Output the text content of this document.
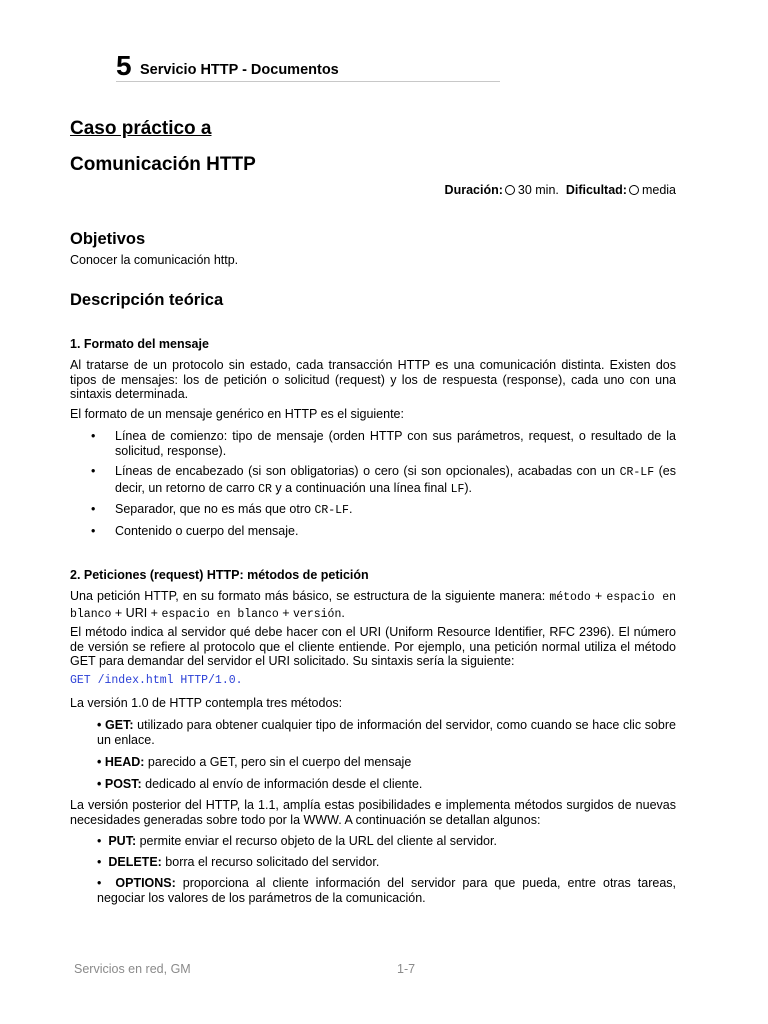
5 Servicio HTTP - Documentos
Caso práctico a
Comunicación HTTP
Duración: 30 min. Dificultad: media
Objetivos
Conocer la comunicación http.
Descripción teórica
1. Formato del mensaje
Al tratarse de un protocolo sin estado, cada transacción HTTP es una comunicación distinta. Existen dos tipos de mensajes: los de petición o solicitud (request) y los de respuesta (response), cada uno con una sintaxis determinada.
El formato de un mensaje genérico en HTTP es el siguiente:
• Línea de comienzo: tipo de mensaje (orden HTTP con sus parámetros, request, o resultado de la solicitud, response).
• Líneas de encabezado (si son obligatorias) o cero (si son opcionales), acabadas con un CR-LF (es decir, un retorno de carro CR y a continuación una línea final LF).
• Separador, que no es más que otro CR-LF.
• Contenido o cuerpo del mensaje.
2. Peticiones (request) HTTP: métodos de petición
Una petición HTTP, en su formato más básico, se estructura de la siguiente manera: método + espacio en blanco + URI + espacio en blanco + versión.
El método indica al servidor qué debe hacer con el URI (Uniform Resource Identifier, RFC 2396). El número de versión se refiere al protocolo que el cliente entiende. Por ejemplo, una petición normal utiliza el método GET para demandar del servidor el URI solicitado. Su sintaxis sería la siguiente:
GET /index.html HTTP/1.0.
La versión 1.0 de HTTP contempla tres métodos:
• GET: utilizado para obtener cualquier tipo de información del servidor, como cuando se hace clic sobre un enlace.
• HEAD: parecido a GET, pero sin el cuerpo del mensaje
• POST: dedicado al envío de información desde el cliente.
La versión posterior del HTTP, la 1.1, amplía estas posibilidades e implementa métodos surgidos de nuevas necesidades generadas sobre todo por la WWW. A continuación se detallan algunos:
• PUT: permite enviar el recurso objeto de la URL del cliente al servidor.
• DELETE: borra el recurso solicitado del servidor.
• OPTIONS: proporciona al cliente información del servidor para que pueda, entre otras tareas, negociar los valores de los parámetros de la comunicación.
Servicios en red, GM	1-7
